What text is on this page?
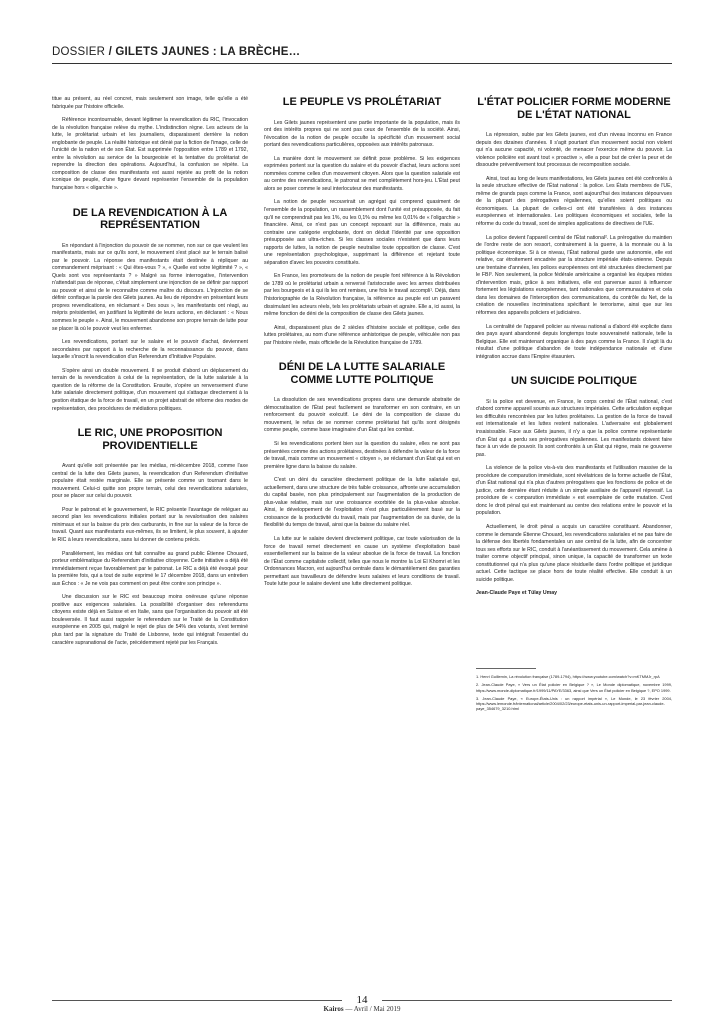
DOSSIER / GILETS JAUNES : LA BRÈCHE…

titue au présent, au réel concret, mais seulement son image, telle qu'elle a été fabriquée par l'histoire officielle.

Référence incontournable, devant légitimer la revendication du RIC, l'invocation de la révolution française relève du mythe. L'indistinction règne. Les acteurs de la lutte, le prolétariat urbain et les journaliers, disparaissent derrière la notion englobante de peuple. La réalité historique est dénié par la fiction de l'image, celle de l'unicité de la nation et de son État. Est supprimée l'opposition entre 1789 et 1792, entre la révolution au service de la bourgeoisie et la tentative du prolétariat de reprendre la direction des opérations. Aujourd'hui, la confusion se répète. La composition de classe des manifestants est aussi rejetée au profit de la notion iconique de peuple, d'une figure devant représenter l'ensemble de la population française hors « oligarchie ».

DE LA REVENDICATION À LA REPRÉSENTATION

En répondant à l'injonction du pouvoir de se nommer, non sur ce que veulent les manifestants, mais sur ce qu'ils sont, le mouvement s'est placé sur le terrain balisé par le pouvoir. La réponse des manifestants était destinée à répliquer au commandement méprisant : « Qui êtes-vous ? », « Quelle est votre légitimité ? », « Quels sont vos représentants ? » Malgré sa forme interrogative, l'intervention n'attendait pas de réponse, c'était simplement une injonction de se définir par rapport au pouvoir et ainsi de le reconnaître comme maître du discours. L'injonction de se définir confisque la parole des Gilets jaunes. Au lieu de répondre en présentant leurs propres revendications, en réclamant « Des sous », les manifestants ont réagi, au mépris présidentiel, en justifiant la légitimité de leurs actions, en déclarant : « Nous sommes le peuple ». Ainsi, le mouvement abandonne son propre terrain de lutte pour se placer là où le pouvoir veut les enfermer.

Les revendications, portant sur le salaire et le pouvoir d'achat, deviennent secondaires par rapport à la recherche de la reconnaissance du pouvoir, dans laquelle s'inscrit la revendication d'un Referendum d'Initiative Populaire.

S'opère ainsi un double mouvement. Il se produit d'abord un déplacement du terrain de la revendication à celui de la représentation, de la lutte salariale à la question de la réforme de la Constitution. Ensuite, s'opère un renversement d'une lutte salariale directement politique, d'un mouvement qui s'attaque directement à la gestion étatique de la force de travail, en un projet abstrait de réforme des modes de représentation, des procédures de médiations politiques.

LE RIC, UNE PROPOSITION PROVIDENTIELLE

Avant qu'elle soit présentée par les médias, mi-décembre 2018, comme l'axe central de la lutte des Gilets jaunes, la revendication d'un Referendum d'initiative populaire était restée marginale. Elle se présente comme un tournant dans le mouvement. Celui-ci quitte son propre terrain, celui des revendications salariales, pour se placer sur celui du pouvoir.

Pour le patronat et le gouvernement, le RIC présente l'avantage de reléguer au second plan les revendications initiales portant sur la revalorisation des salaires minimaux et sur la baisse du prix des carburants, in fine sur la valeur de la force de travail. Quant aux manifestants eux-mêmes, ils se limitent, le plus souvent, à ajouter le RIC à leurs revendications, sans lui donner de contenu précis.

Parallèlement, les médias ont fait connaître au grand public Étienne Chouard, porteur emblématique du Referendum d'initiative citoyenne. Cette initiative a déjà été immédiatement reçue favorablement par le patronat. Le RIC a déjà été évoqué pour la première fois, qui a tout de suite exprimé le 17 décembre 2018, dans un entretien aux Échos : « Je ne vois pas comment on peut être contre son principe ».

Une discussion sur le RIC est beaucoup moins onéreuse qu'une réponse positive aux exigences salariales. La possibilité d'organiser des referendums citoyens existe déjà en Suisse et en Italie, sans que l'organisation du pouvoir ait été bouleversée. Il faut aussi rappeler le referendum sur le Traité de la Constitution européenne en 2005 qui, malgré le rejet de plus de 54% des votants, s'est terminé plus tard par la signature du Traité de Lisbonne, texte qui intégrait l'essentiel du caractère supranational de l'acte, précédemment rejeté par les Français.

LE PEUPLE VS PROLÉTARIAT

Les Gilets jaunes représentent une partie importante de la population, mais ils ont des intérêts propres qui ne sont pas ceux de l'ensemble de la société. Ainsi, l'évocation de la notion de peuple occulte la spécificité d'un mouvement social portant des revendications particulières, opposées aux intérêts patronaux.

La manière dont le mouvement se définit pose problème. Si les exigences exprimées portent sur la question du salaire et du pouvoir d'achat, leurs actions sont nommées comme celles d'un mouvement citoyen. Alors que la question salariale est au centre des revendications, le patronat se met complètement hors-jeu. L'État peut alors se poser comme le seul interlocuteur des manifestants.

La notion de peuple recouvrirait un agrégat qui comprend quasiment de l'ensemble de la population, un rassemblement dont l'unité est présupposée, du fait qu'il ne comprendrait pas les 1%, ou les 0,1% ou même les 0,01% de « l'oligarchie » financière. Ainsi, ce n'est pas un concept reposant sur la différence, mais au contraire une catégorie englobante, dont on déduit l'identité par une opposition présupposée aux ultra-riches. Si les classes sociales n'existent que dans leurs rapports de luttes, la notion de peuple neutralise toute opposition de classe. C'est une représentation psychologique, supprimant la différence et rejetant toute séparation d'avec les pouvoirs constitués.

En France, les promoteurs de la notion de peuple font référence à la Révolution de 1789 où le prolétariat urbain a renversé l'aristocratie avec les armes distribuées par les bourgeois et à qui ils les ont remises, une fois le travail accompli¹. Déjà, dans l'historiographie de la Révolution française, la référence au peuple est un paravent dissimulant les acteurs réels, tels les prolétariats urbain et agraire. Elle a, ici aussi, la même fonction de déni de la composition de classe des Gilets jaunes.

Ainsi, disparaissent plus de 2 siècles d'histoire sociale et politique, celle des luttes prolétaires, au nom d'une référence anhistorique de peuple, véhiculée non pas par l'histoire réelle, mais officielle de la Révolution française de 1789.

DÉNI DE LA LUTTE SALARIALE COMME LUTTE POLITIQUE

La dissolution de ses revendications propres dans une demande abstraite de démocratisation de l'État peut facilement se transformer en son contraire, en un renforcement du pouvoir exécutif. Le déni de la composition de classe du mouvement, le refus de se nommer comme prolétariat fait qu'ils sont désignés comme peuple, comme base imaginaire d'un État qui les combat.

Si les revendications portent bien sur la question du salaire, elles ne sont pas présentées comme des actions prolétaires, destinées à défendre la valeur de la force de travail, mais comme un mouvement « citoyen », se réclamant d'un État qui est en première ligne dans la baisse du salaire.

C'est un déni du caractère directement politique de la lutte salariale qui, actuellement, dans une structure de très faible croissance, affronte une accumulation du capital basée, non plus principalement sur l'augmentation de la production de plus-value relative, mais sur une croissance exorbitée de la plus-value absolue. Ainsi, le développement de l'exploitation n'est plus particulièrement basé sur la croissance de la productivité du travail, mais par l'augmentation de sa durée, de la flexibilité du temps de travail, ainsi que la baisse du salaire réel.

La lutte sur le salaire devient directement politique, car toute valorisation de la force de travail remet directement en cause un système d'exploitation basé essentiellement sur la baisse de la valeur absolue de la force de travail. La fonction de l'État comme capitaliste collectif, telles que nous le montre la Loi El Khomri et les Ordonnances Macron, est aujourd'hui centrale dans le démantèlement des garanties permettant aux travailleurs de défendre leurs salaires et leurs conditions de travail. Toute lutte pour le salaire devient une lutte directement politique.

L'ÉTAT POLICIER FORME MODERNE DE L'ÉTAT NATIONAL

La répression, subie par les Gilets jaunes, est d'un niveau inconnu en France depuis des dizaines d'années. Il s'agit pourtant d'un mouvement social non violent qui n'a aucune capacité, ni volonté, de menacer l'exercice même du pouvoir. La violence policière est avant tout « proactive », elle a pour but de créer la peur et de dissoudre préventivement tout processus de recomposition sociale.

Ainsi, tout au long de leurs manifestations, les Gilets jaunes ont été confrontés à la seule structure effective de l'État national : la police. Les États membres de l'UE, même de grands pays comme la France, sont aujourd'hui des instances dépourvues de la plupart des prérogatives régaliennes, qu'elles soient politiques ou économiques. La plupart de celles-ci ont été transférées à des instances européennes et internationales. Les politiques économiques et sociales, telle la réforme du code du travail, sont de simples applications de directives de l'UE.

La police devient l'appareil central de l'État national². La prérogative du maintien de l'ordre reste de son ressort, contrairement à la guerre, à la monnaie ou à la politique économique. Si à ce niveau, l'État national garde une autonomie, elle est relative, car étroitement encadrée par la structure impériale états-unienne. Depuis une trentaine d'années, les polices européennes ont été structurées directement par le FBI³. Non seulement, la police fédérale américaine a organisé les équipes mixtes d'intervention mais, grâce à ses initiatives, elle est parvenue aussi à influencer fortement les législations européennes, tant nationales que communautaires et cela dans les domaines de l'interception des communications, du contrôle du Net, de la création de nouvelles incriminations spécifiant le terrorisme, ainsi que sur les réformes des appareils policiers et judiciaires.

La centralité de l'appareil policier au niveau national a d'abord été explicite dans des pays ayant abandonné depuis longtemps toute souveraineté nationale, telle la Belgique. Elle est maintenant organique à des pays comme la France. Il s'agit là du résultat d'une politique d'abandon de toute indépendance nationale et d'une intégration accrue dans l'Empire étasunien.

UN SUICIDE POLITIQUE

Si la police est devenue, en France, le corps central de l'État national, c'est d'abord comme appareil soumis aux structures impériales. Cette articulation explique les difficultés rencontrées par les luttes prolétaires. La gestion de la force de travail est internationale et les luttes restent nationales. L'adversaire est globalement insaisissable. Face aux Gilets jaunes, il n'y a que la police comme représentante d'un État qui a perdu ses prérogatives régaliennes. Les manifestants doivent faire face à un vide de pouvoir. Ils sont confrontés à un État qui règne, mais ne gouverne pas.

La violence de la police vis-à-vis des manifestants et l'utilisation massive de la procédure de comparution immédiate, sont révélatrices de la forme actuelle de l'État, d'un État national qui n'a plus d'autres prérogatives que les fonctions de police et de justice, cette dernière étant réduite à un simple auxiliaire de l'appareil répressif. La procédure de « comparution immédiate » est exemplaire de cette mutation. C'est donc le droit pénal qui est maintenant au centre des relations entre le pouvoir et la population.

Actuellement, le droit pénal a acquis un caractère constituant. Abandonner, comme le demande Étienne Chouard, les revendications salariales et ne pas faire de la défense des libertés fondamentales un axe central de la lutte, afin de concentrer tous ses efforts sur le RIC, conduit à l'anéantissement du mouvement. Cela amène à traiter comme objectif principal, sinon unique, la capacité de transformer un texte constitutionnel qui n'a plus qu'une place résiduelle dans l'ordre politique et juridique actuel. Cette tactique se place hors de toute réalité effective. Elle conduit à un suicide politique.

Jean-Claude Paye et Tülay Umay

1. Henri Guillemin, La révolution française (1789-1794), https://www.youtube.com/watch?v=mKTMMJr_rpA

2. Jean-Claude Paye, « Vers un État policier en Belgique ? », Le Monde diplomatique, novembre 1999, https://www.monde-diplomatique.fr/1999/11/PAYE/3363, ainsi que Vers un État policier en Belgique ?, EPO 1999.

3. Jean-Claude Paye, « Europe-États-Unis : un rapport impérial », Le Monde, le 23 février 2004, https://www.lemonde.fr/international/article/2004/02/23/europe-etats-unis-un-rapport-imperial-par-jean-claude-paye_354679_3210.html

14
Kairos — Avril / Mai 2019
